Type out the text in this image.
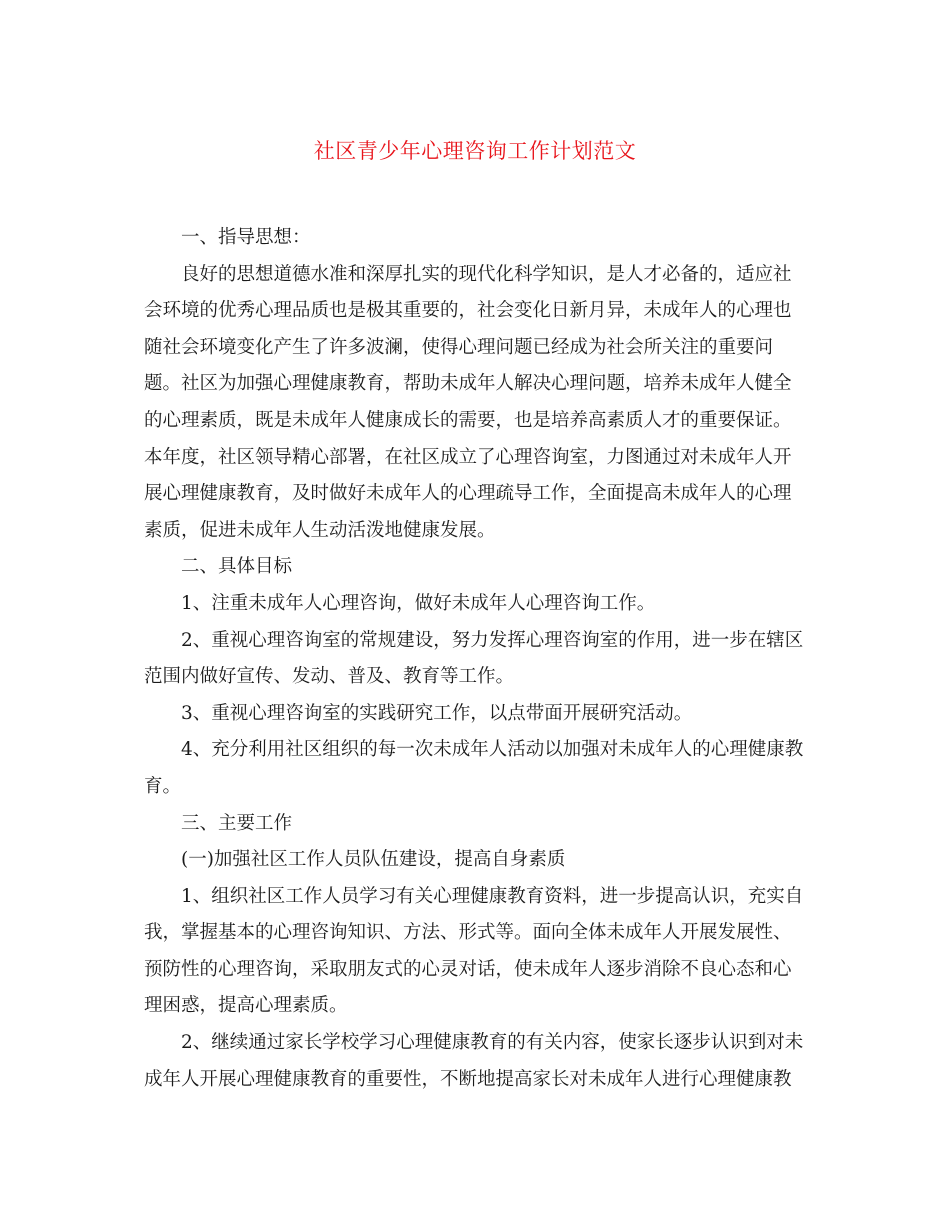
社区青少年心理咨询工作计划范文
一、指导思想：
良好的思想道德水准和深厚扎实的现代化科学知识，是人才必备的，适应社
会环境的优秀心理品质也是极其重要的，社会变化日新月异，未成年人的心理也
随社会环境变化产生了许多波澜，使得心理问题已经成为社会所关注的重要问
题。社区为加强心理健康教育，帮助未成年人解决心理问题，培养未成年人健全
的心理素质，既是未成年人健康成长的需要，也是培养高素质人才的重要保证。
本年度，社区领导精心部署，在社区成立了心理咨询室，力图通过对未成年人开
展心理健康教育，及时做好未成年人的心理疏导工作，全面提高未成年人的心理
素质，促进未成年人生动活泼地健康发展。
二、具体目标
1、注重未成年人心理咨询，做好未成年人心理咨询工作。
2、重视心理咨询室的常规建设，努力发挥心理咨询室的作用，进一步在辖区
范围内做好宣传、发动、普及、教育等工作。
3、重视心理咨询室的实践研究工作，以点带面开展研究活动。
4、充分利用社区组织的每一次未成年人活动以加强对未成年人的心理健康教
育。
三、主要工作
(一)加强社区工作人员队伍建设，提高自身素质
1、组织社区工作人员学习有关心理健康教育资料，进一步提高认识，充实自
我，掌握基本的心理咨询知识、方法、形式等。面向全体未成年人开展发展性、
预防性的心理咨询，采取朋友式的心灵对话，使未成年人逐步消除不良心态和心
理困惑，提高心理素质。
2、继续通过家长学校学习心理健康教育的有关内容，使家长逐步认识到对未
成年人开展心理健康教育的重要性，不断地提高家长对未成年人进行心理健康教
